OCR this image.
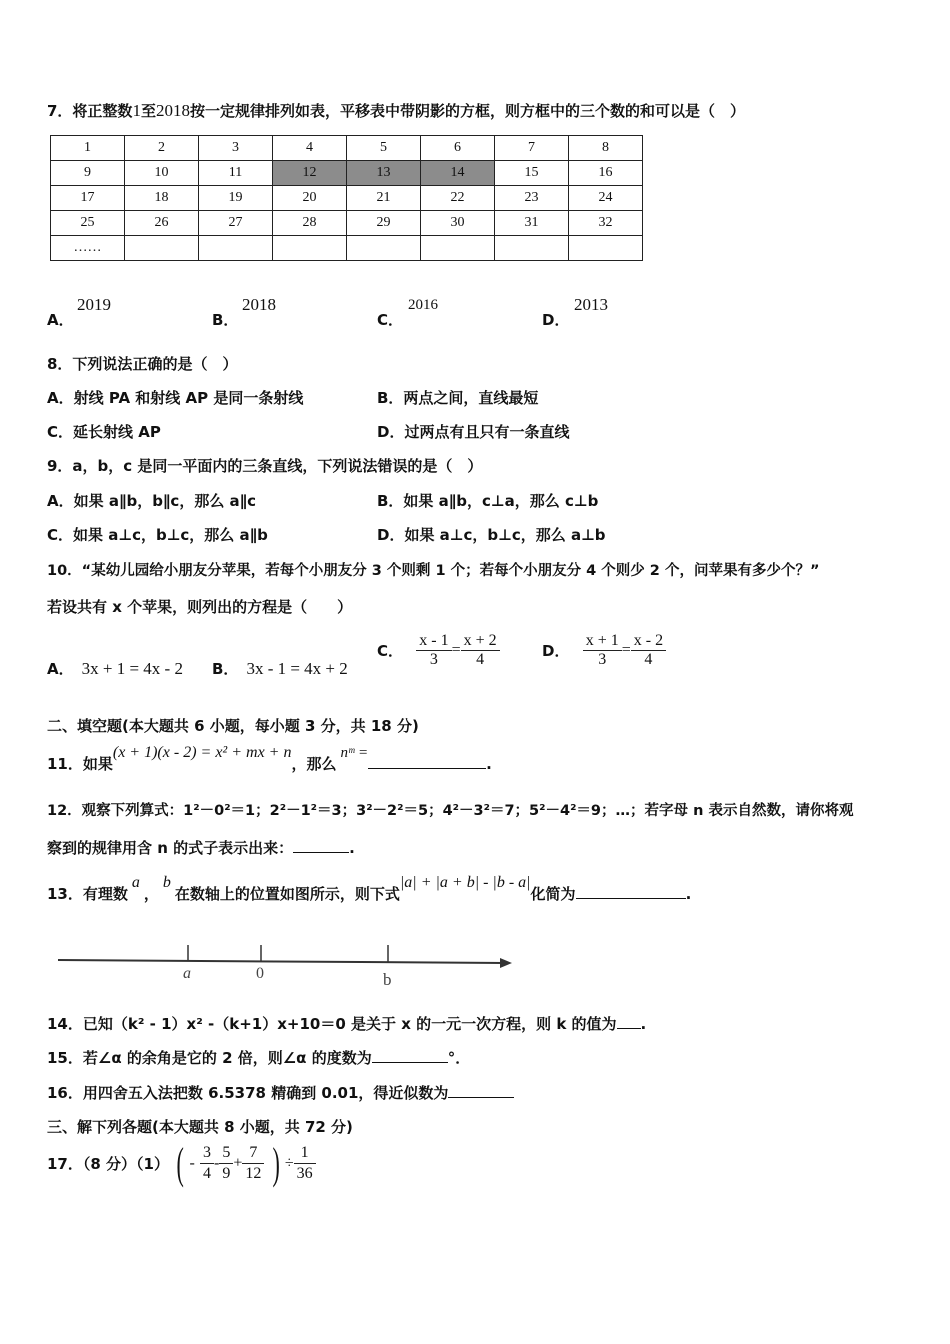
7．将正整数1至2018按一定规律排列如表，平移表中带阴影的方框，则方框中的三个数的和可以是（　）
1	2	3	4	5	6	7	8
9	10	11	12	13	14	15	16
17	18	19	20	21	22	23	24
25	26	27	28	29	30	31	32
……							
A．
2019
B．
2018
C．
2016
D．
2013
8．下列说法正确的是（　）
A．射线 PA 和射线 AP 是同一条射线	B．两点之间，直线最短
C．延长射线 AP	D．过两点有且只有一条直线
9．a，b，c 是同一平面内的三条直线，下列说法错误的是（　）
A．如果 a∥b，b∥c，那么 a∥c	B．如果 a∥b，c⊥a，那么 c⊥b
C．如果 a⊥c，b⊥c，那么 a∥b	D．如果 a⊥c，b⊥c，那么 a⊥b
10．“某幼儿园给小朋友分苹果，若每个小朋友分 3 个则剩 1 个；若每个小朋友分 4 个则少 2 个，问苹果有多少个？”
若设共有 x 个苹果，则列出的方程是（　　）
A． 3x + 1 = 4x - 2 B． 3x - 1 = 4x + 2
C． $\frac{x - 1}{3} = \frac{x + 2}{4}$	D． $\frac{x + 1}{3} = \frac{x - 2}{4}$
二、填空题(本大题共 6 小题，每小题 3 分，共 18 分)
11．如果(x + 1)(x - 2) = x² + mx + n，那么nᵐ =.
12．观察下列算式：1²－0²＝1；2²－1²＝3；3²－2²＝5；4²－3²＝7；5²－4²＝9；…；若字母 n 表示自然数，请你将观
察到的规律用含 n 的式子表示出来：	.
13．有理数a，b在数轴上的位置如图所示，则下式|a| + |a + b| - |b - a|化简为	.
a	0	b
14．已知（k² - 1）x² -（k+1）x+10＝0 是关于 x 的一元一次方程，则 k 的值为 .
15．若∠α 的余角是它的 2 倍，则∠α 的度数为	°．
16．用四舍五入法把数 6.5378 精确到 0.01，得近似数为
三、解下列各题(本大题共 8 小题，共 72 分)
17．（8 分）（1） ( - $\frac{3}{4} - \frac{5}{9} + \frac{7}{12}$ ) ÷ $\frac{1}{36}$
